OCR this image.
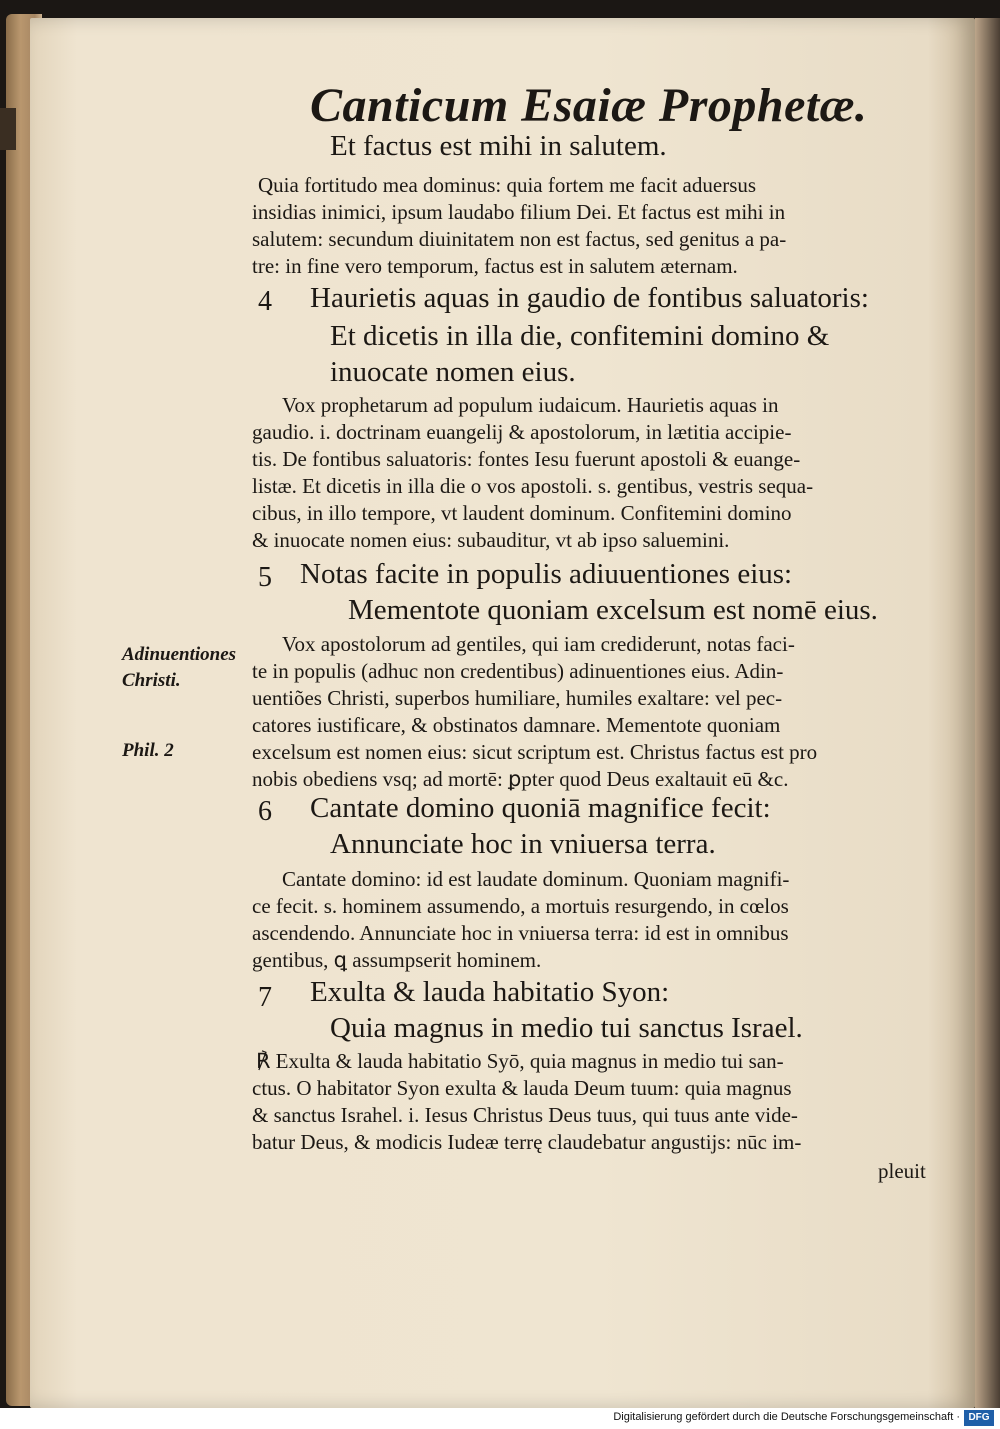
Canticum Esaiæ Prophetæ.
Et factus est mihi in salutem.
Quia fortitudo mea dominus: quia fortem me facit aduersus
insidias inimici, ipsum laudabo filium Dei. Et factus est mihi in
salutem: secundum diuinitatem non est factus, sed genitus a pa-
tre: in fine vero temporum, factus est in salutem æternam.
4 Haurietis aquas in gaudio de fontibus saluatoris:
Et dicetis in illa die, confitemini domino &
inuocate nomen eius.
Vox prophetarum ad populum iudaicum. Haurietis aquas in
gaudio. i. doctrinam euangelij & apostolorum, in lætitia accipie-
tis. De fontibus saluatoris: fontes Iesu fuerunt apostoli & euange-
listæ. Et dicetis in illa die o vos apostoli. s. gentibus, vestris sequa-
cibus, in illo tempore, vt laudent dominum. Confitemini domino
& inuocate nomen eius: subauditur, vt ab ipso saluemini.
5 Notas facite in populis adiuuentiones eius:
Mementote quoniam excelsum est nomē eius.
Adinuentiones
Christi.
Vox apostolorum ad gentiles, qui iam crediderunt, notas faci-
te in populis (adhuc non credentibus) adinuentiones eius. Adin-
uentiões Christi, superbos humiliare, humiles exaltare: vel pec-
catores iustificare, & obstinatos damnare. Mementote quoniam
excelsum est nomen eius: sicut scriptum est. Christus factus est pro
nobis obediens vsq; ad mortē: ꝑpter quod Deus exaltauit eū &c.
Phil. 2
6 Cantate domino quoniā magnifice fecit:
Annunciate hoc in vniuersa terra.
Cantate domino: id est laudate dominum. Quoniam magnifi-
ce fecit. s. hominem assumendo, a mortuis resurgendo, in cœlos
ascendendo. Annunciate hoc in vniuersa terra: id est in omnibus
gentibus, ꝗ assumpserit hominem.
7 Exulta & lauda habitatio Syon:
Quia magnus in medio tui sanctus Israel.
℟ Exulta & lauda habitatio Syō, quia magnus in medio tui san-
ctus. O habitator Syon exulta & lauda Deum tuum: quia magnus
& sanctus Israhel. i. Iesus Christus Deus tuus, qui tuus ante vide-
batur Deus, & modicis Iudeæ terrę claudebatur angustijs: nūc im-
pleuit
Digitalisierung gefördert durch die Deutsche Forschungsgemeinschaft · DFG
